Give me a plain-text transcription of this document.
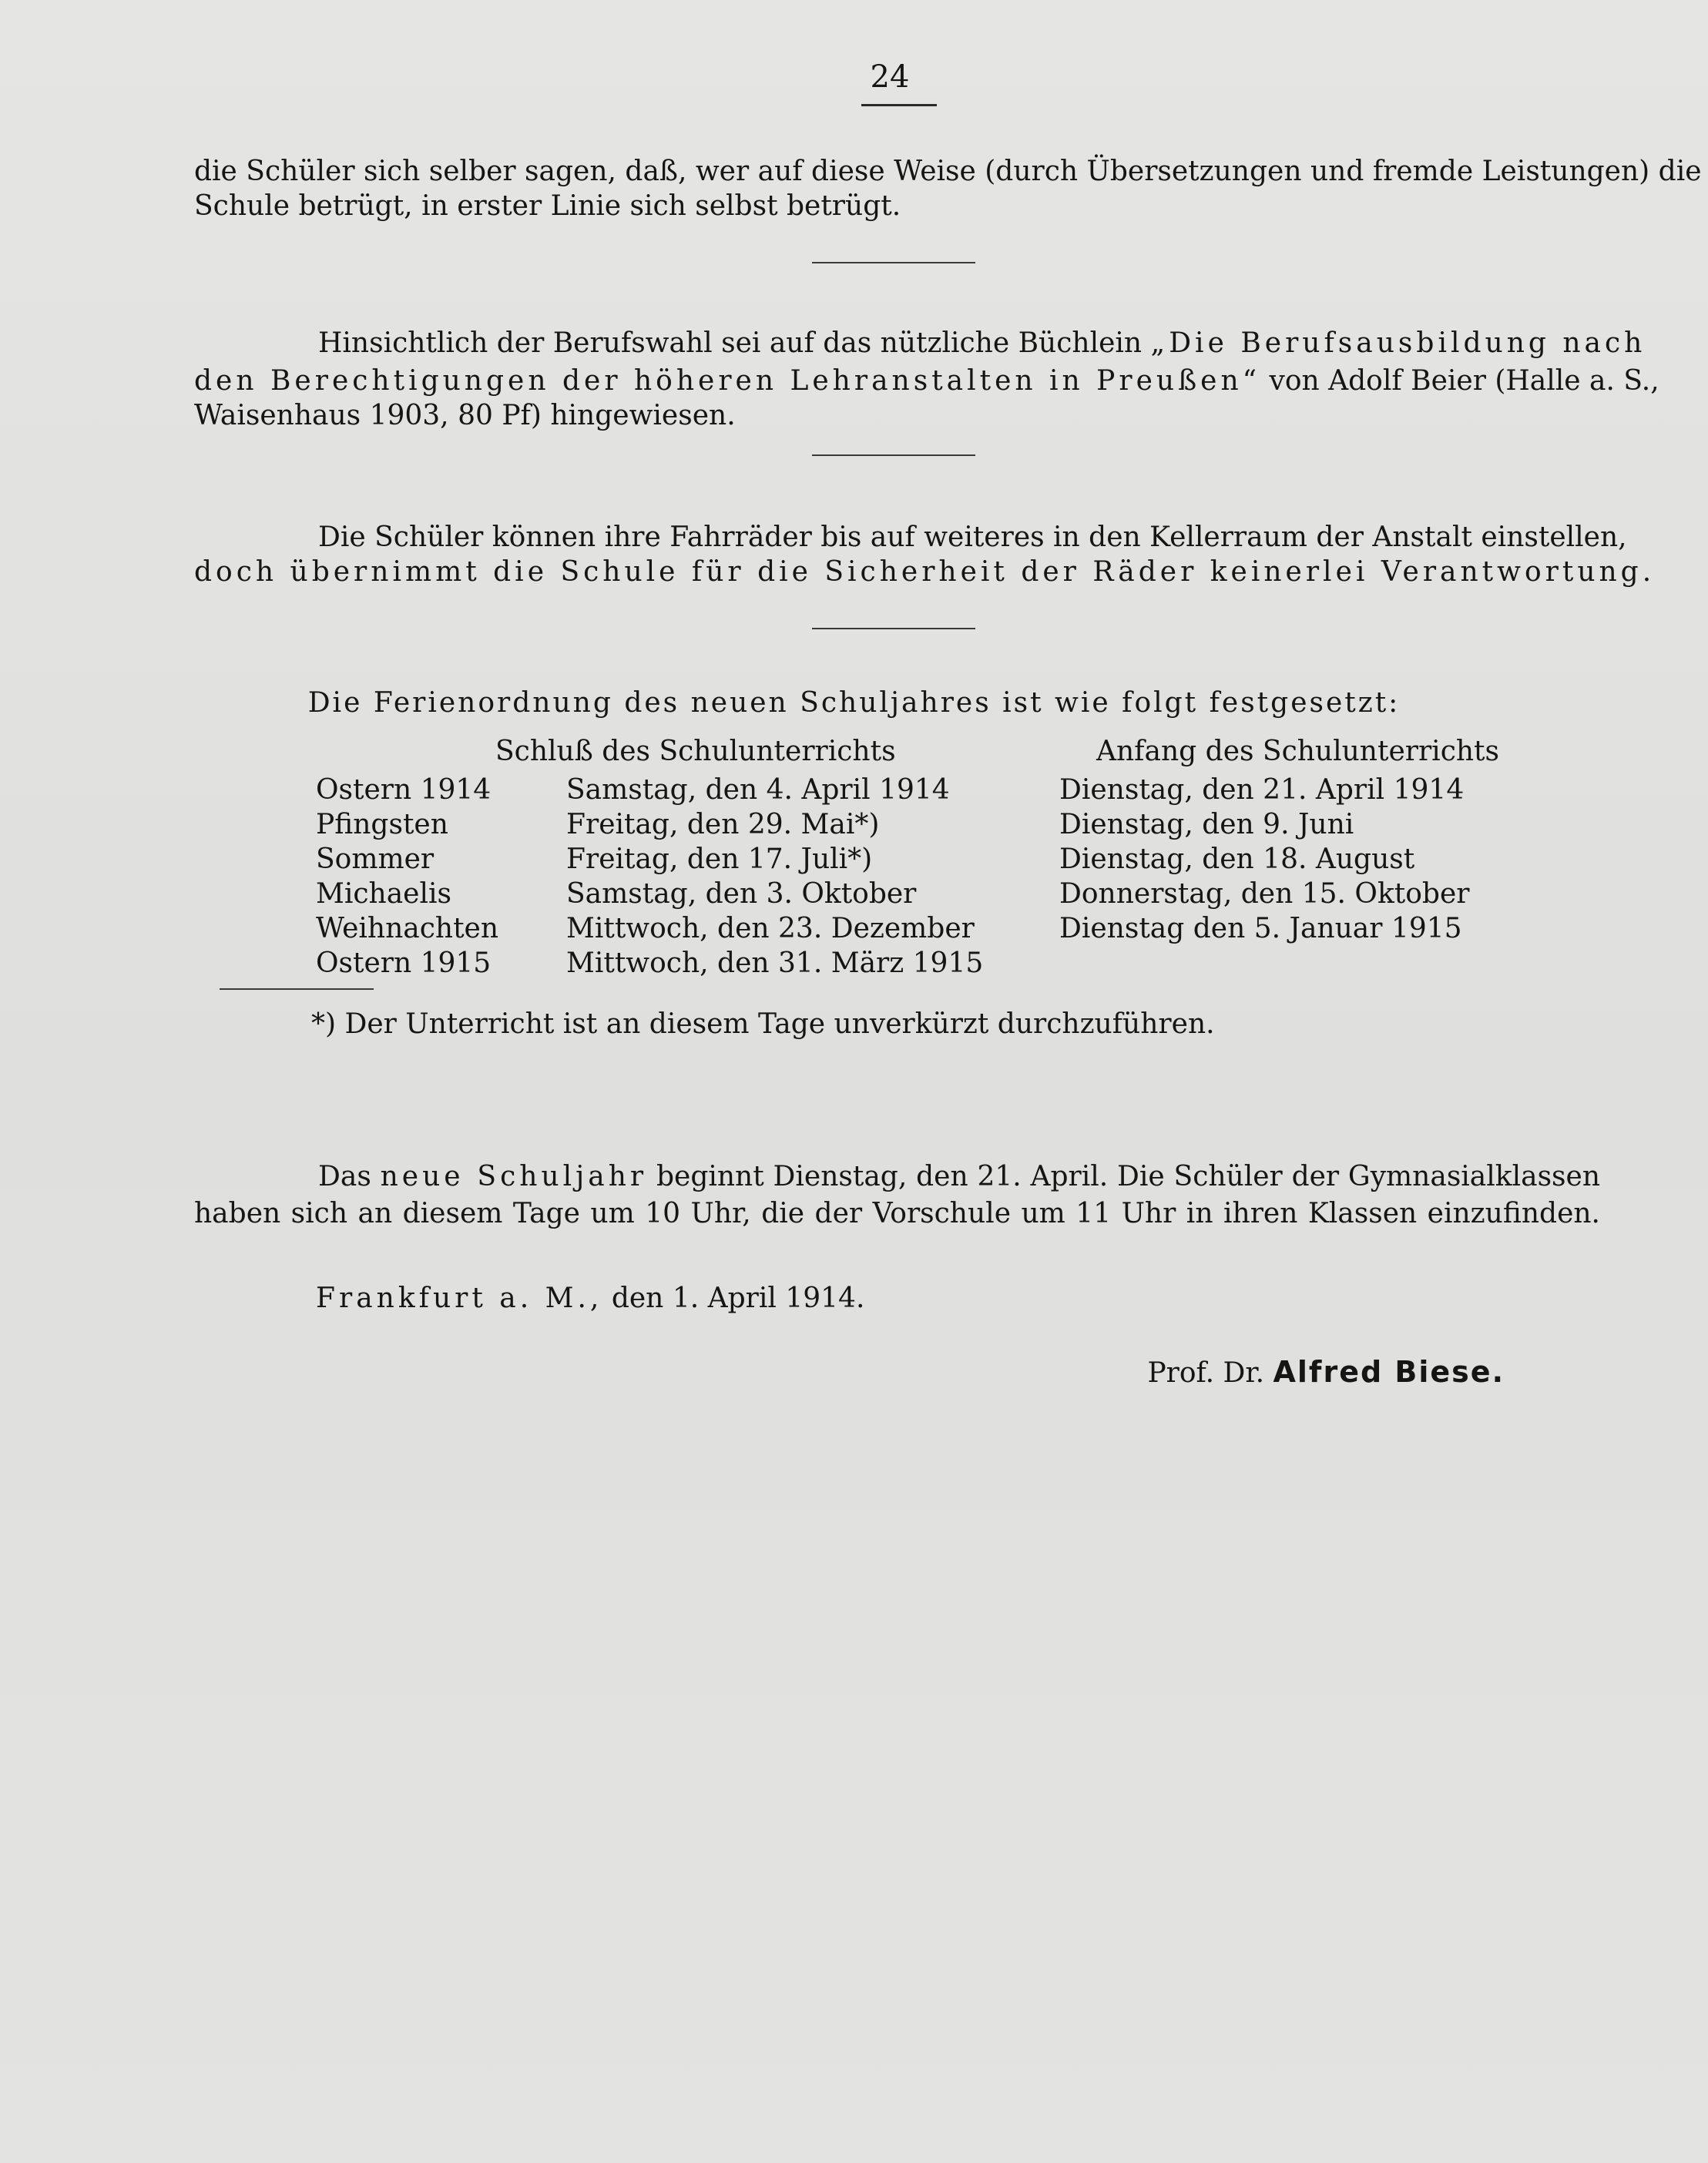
24
die Schüler sich selber sagen, daß, wer auf diese Weise (durch Übersetzungen und fremde Leistungen) die
Schule betrügt, in erster Linie sich selbst betrügt.
Hinsichtlich der Berufswahl sei auf das nützliche Büchlein „Die Berufsausbildung nach
den Berechtigungen der höheren Lehranstalten in Preußen“ von Adolf Beier (Halle a. S.,
Waisenhaus 1903, 80 Pf) hingewiesen.
Die Schüler können ihre Fahrräder bis auf weiteres in den Kellerraum der Anstalt einstellen,
doch übernimmt die Schule für die Sicherheit der Räder keinerlei Verantwortung.
Die Ferienordnung des neuen Schuljahres ist wie folgt festgesetzt:
Schluß des Schulunterrichts	Anfang des Schulunterrichts
Ostern 1914	Samstag, den 4. April 1914	Dienstag, den 21. April 1914
Pfingsten	Freitag, den 29. Mai*)	Dienstag, den 9. Juni
Sommer	Freitag, den 17. Juli*)	Dienstag, den 18. August
Michaelis	Samstag, den 3. Oktober	Donnerstag, den 15. Oktober
Weihnachten Mittwoch, den 23. Dezember	Dienstag den 5. Januar 1915
Ostern 1915	Mittwoch, den 31. März 1915
*) Der Unterricht ist an diesem Tage unverkürzt durchzuführen.
Das neue Schuljahr beginnt Dienstag, den 21. April. Die Schüler der Gymnasialklassen
haben sich an diesem Tage um 10 Uhr, die der Vorschule um 11 Uhr in ihren Klassen einzufinden.
Frankfurt a. M., den 1. April 1914.
Prof. Dr. Alfred Biese.
